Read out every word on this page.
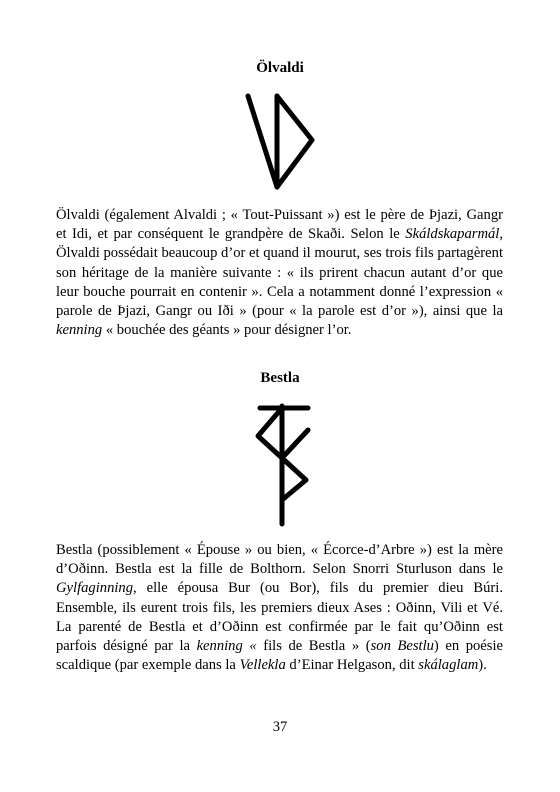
Ölvaldi

Ölvaldi (également Alvaldi ; « Tout-Puissant ») est le père de Þjazi, Gangr et Idi, et par conséquent le grandpère de Skaði. Selon le Skáldskaparmál, Ölvaldi possédait beaucoup d’or et quand il mourut, ses trois fils partagèrent son héritage de la manière suivante : « ils prirent chacun autant d’or que leur bouche pourrait en contenir ». Cela a notamment donné l’expression « parole de Þjazi, Gangr ou Iði » (pour « la parole est d’or »), ainsi que la kenning « bouchée des géants » pour désigner l’or.

Bestla

Bestla (possiblement « Épouse » ou bien, « Écorce-d’Arbre ») est la mère d’Oðinn. Bestla est la fille de Bolthorn. Selon Snorri Sturluson dans le Gylfaginning, elle épousa Bur (ou Bor), fils du premier dieu Búri. Ensemble, ils eurent trois fils, les premiers dieux Ases : Oðinn, Vili et Vé. La parenté de Bestla et d’Oðinn est confirmée par le fait qu’Oðinn est parfois désigné par la kenning « fils de Bestla » (son Bestlu) en poésie scaldique (par exemple dans la Vellekla d’Einar Helgason, dit skálaglam).

37
